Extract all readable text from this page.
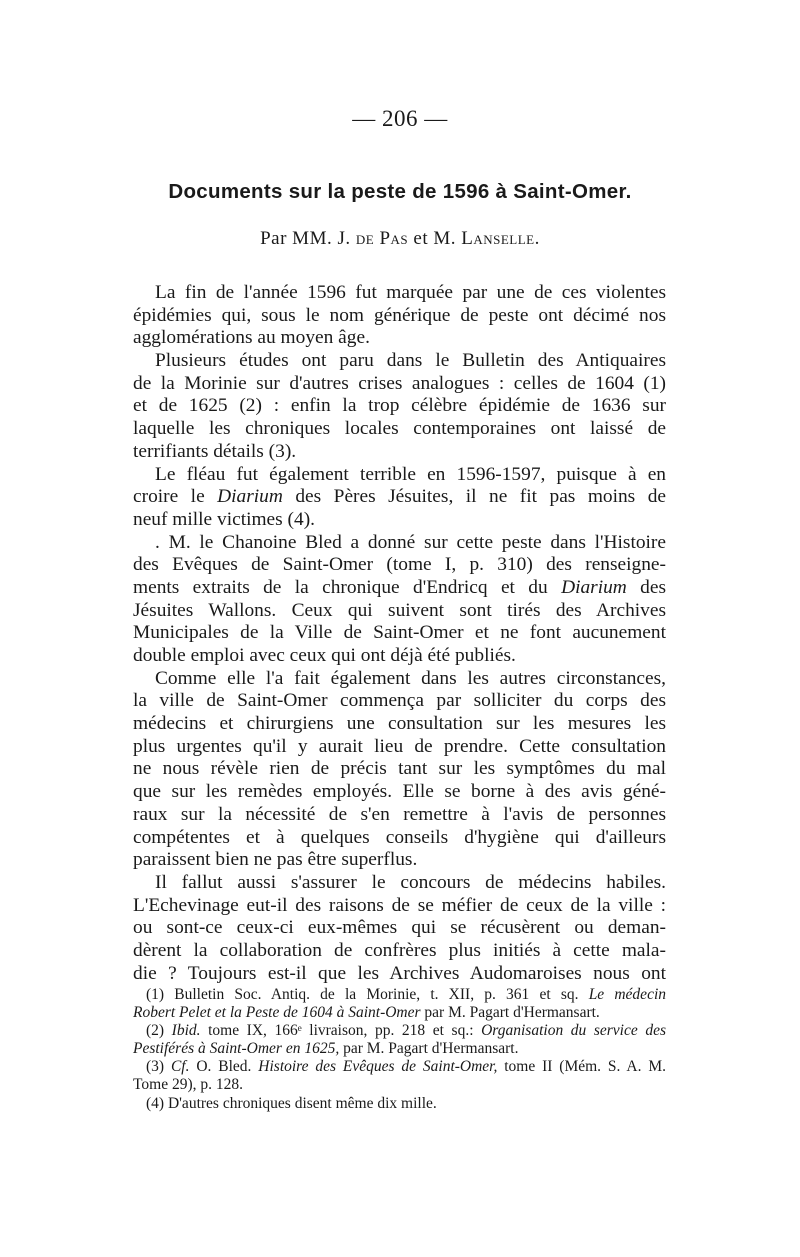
— 206 —
Documents sur la peste de 1596 à Saint-Omer.
Par MM. J. de Pas et M. Lanselle.
La fin de l'année 1596 fut marquée par une de ces violentes
épidémies qui, sous le nom générique de peste ont décimé nos
agglomérations au moyen âge.
Plusieurs études ont paru dans le Bulletin des Antiquaires
de la Morinie sur d'autres crises analogues : celles de 1604 (1)
et de 1625 (2) : enfin la trop célèbre épidémie de 1636 sur
laquelle les chroniques locales contemporaines ont laissé de
terrifiants détails (3).
Le fléau fut également terrible en 1596-1597, puisque à en
croire le Diarium des Pères Jésuites, il ne fit pas moins de
neuf mille victimes (4).
. M. le Chanoine Bled a donné sur cette peste dans l'Histoire
des Evêques de Saint-Omer (tome I, p. 310) des renseigne-
ments extraits de la chronique d'Endricq et du Diarium des
Jésuites Wallons. Ceux qui suivent sont tirés des Archives
Municipales de la Ville de Saint-Omer et ne font aucunement
double emploi avec ceux qui ont déjà été publiés.
Comme elle l'a fait également dans les autres circonstances,
la ville de Saint-Omer commença par solliciter du corps des
médecins et chirurgiens une consultation sur les mesures les
plus urgentes qu'il y aurait lieu de prendre. Cette consultation
ne nous révèle rien de précis tant sur les symptômes du mal
que sur les remèdes employés. Elle se borne à des avis géné-
raux sur la nécessité de s'en remettre à l'avis de personnes
compétentes et à quelques conseils d'hygiène qui d'ailleurs
paraissent bien ne pas être superflus.
Il fallut aussi s'assurer le concours de médecins habiles.
L'Echevinage eut-il des raisons de se méfier de ceux de la ville :
ou sont-ce ceux-ci eux-mêmes qui se récusèrent ou deman-
dèrent la collaboration de confrères plus initiés à cette mala-
die ? Toujours est-il que les Archives Audomaroises nous ont
(1) Bulletin Soc. Antiq. de la Morinie, t. XII, p. 361 et sq. Le médecin
Robert Pelet et la Peste de 1604 à Saint-Omer par M. Pagart d'Hermansart.
(2) Ibid. tome IX, 166ᵉ livraison, pp. 218 et sq.: Organisation du service des
Pestiférés à Saint-Omer en 1625, par M. Pagart d'Hermansart.
(3) Cf. O. Bled. Histoire des Evêques de Saint-Omer, tome II (Mém. S. A. M.
Tome 29), p. 128.
(4) D'autres chroniques disent même dix mille.
